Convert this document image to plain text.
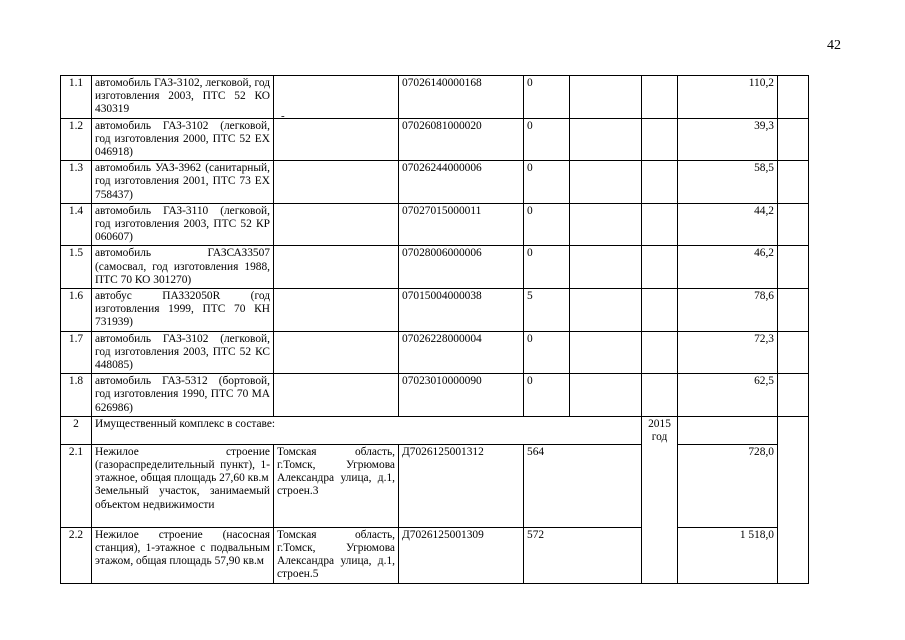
42
-
1.1	автомобиль ГАЗ-3102, легковой, год изготовления 2003, ПТС 52 КО 430319		07026140000168	0			110,2	
1.2	автомобиль ГАЗ-3102 (легковой, год изготовления 2000, ПТС 52 ЕХ 046918)		07026081000020	0			39,3	
1.3	автомобиль УАЗ-3962 (санитарный, год изготовления 2001, ПТС 73 ЕХ 758437)		07026244000006	0			58,5	
1.4	автомобиль ГАЗ-3110 (легковой, год изготовления 2003, ПТС 52 КР 060607)		07027015000011	0			44,2	
1.5	автомобиль ГАЗСАЗ3507 (самосвал, год изготовления 1988, ПТС 70 КО 301270)		07028006000006	0			46,2	
1.6	автобус ПАЗ32050R (год изготовления 1999, ПТС 70 КН 731939)		07015004000038	5			78,6	
1.7	автомобиль ГАЗ-3102 (легковой, год изготовления 2003, ПТС 52 КС 448085)		07026228000004	0			72,3	
1.8	автомобиль ГАЗ-5312 (бортовой, год изготовления 1990, ПТС 70 МА 626986)		07023010000090	0			62,5	
2	Имущественный комплекс в составе:					2015 год		
2.1	Нежилое строение (газораспределительный пункт), 1-этажное, общая площадь 27,60 кв.м
Земельный участок, занимаемый объектом недвижимости	Томская область, г.Томск, Угрюмова Александра улица, д.1, строен.3	Д7026125001312	564			728,0	
2.2	Нежилое строение (насосная станция), 1-этажное с подвальным этажом, общая площадь 57,90 кв.м	Томская область, г.Томск, Угрюмова Александра улица, д.1, строен.5	Д7026125001309	572			1 518,0	
